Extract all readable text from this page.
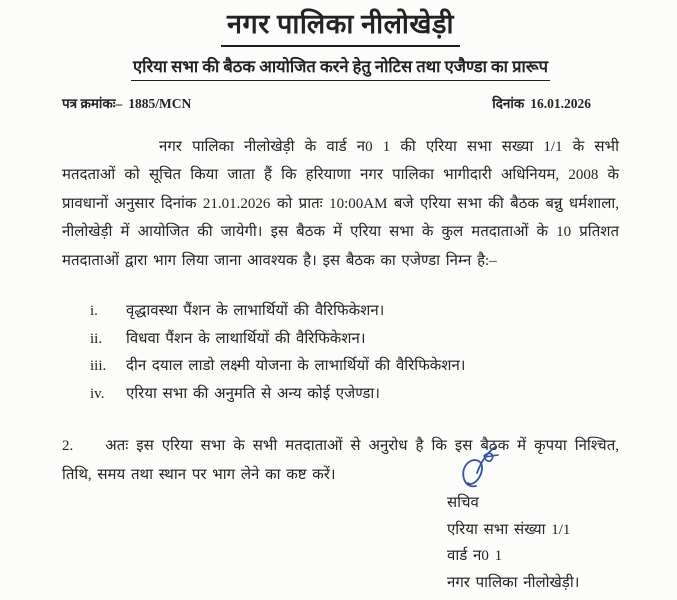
नगर पालिका नीलोखेड़ी
एरिया सभा की बैठक आयोजित करने हेतु नोटिस तथा एजैण्डा का प्रारूप
पत्र क्रमांकः– 1885/MCN	दिनांक 16.01.2026

नगर पालिका नीलोखेड़ी के वार्ड न0 1 की एरिया सभा सख्या 1/1 के सभी मतदताओं को सूचित किया जाता हैं कि हरियाणा नगर पालिका भागीदारी अधिनियम, 2008 के प्रावधानों अनुसार दिनांक 21.01.2026 को प्रातः 10:00AM बजे एरिया सभा की बैठक बन्नु धर्मशाला, नीलोखेड़ी में आयोजित की जायेगी। इस बैठक में एरिया सभा के कुल मतदाताओं के 10 प्रतिशत मतदाताओं द्वारा भाग लिया जाना आवश्यक है। इस बैठक का एजेण्डा निम्न है:–

i.	वृद्धावस्था पैंशन के लाभार्थियों की वैरिफिकेशन।
ii.	विधवा पैंशन के लाथार्थियों की वैरिफिकेशन।
iii.	दीन दयाल लाडो लक्ष्मी योजना के लाभार्थियों की वैरिफिकेशन।
iv.	एरिया सभा की अनुमति से अन्य कोई एजेण्डा।

2. अतः इस एरिया सभा के सभी मतदाताओं से अनुरोध है कि इस बैठक में कृपया निश्चित, तिथि, समय तथा स्थान पर भाग लेने का कष्ट करें।

सचिव
एरिया सभा संख्या 1/1
वार्ड न0 1
नगर पालिका नीलोखेड़ी।
